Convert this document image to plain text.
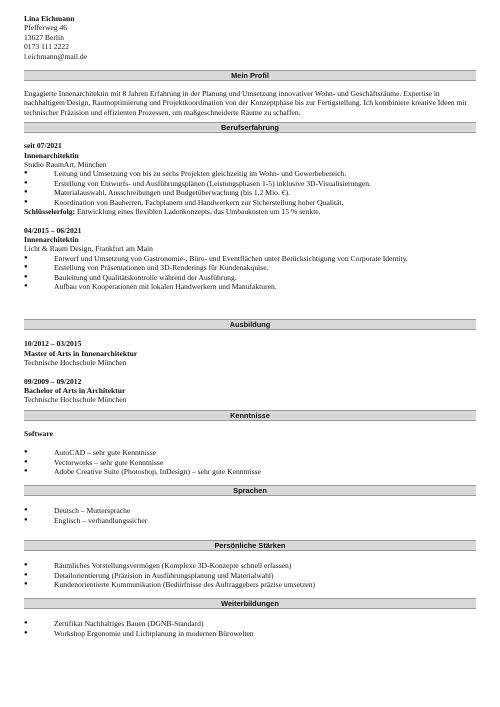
Lina Eichmann
Pfefferweg 46
13627 Berlin
0173 111 2222
l.eichmann@mail.de
Mein Profil
Engagierte Innenarchitektin mit 8 Jahren Erfahrung in der Planung und Umsetzung innovativer Wohn- und Geschäftsräume. Expertise in nachhaltigem Design, Raumoptimierung und Projektkoordination von der Konzeptphase bis zur Fertigstellung. Ich kombiniere kreative Ideen mit technischer Präzision und effizienten Prozessen, um maßgeschneiderte Räume zu schaffen.
Berufserfahrung
seit 07/2021
Innenarchitektin
Studio RaumArt, München
● Leitung und Umsetzung von bis zu sechs Projekten gleichzeitig im Wohn- und Gewerbebereich.
● Erstellung von Entwurfs- und Ausführungsplänen (Leistungsphasen 1-5) inklusive 3D-Visualisierungen.
● Materialauswahl, Ausschreibungen und Budgetüberwachung (bis 1,2 Mio. €).
● Koordination von Bauherren, Fachplanern und Handwerkern zur Sicherstellung hoher Qualität.
Schlüsselerfolg: Entwicklung eines flexiblen Ladenkonzepts, das Umbaukosten um 15 % senkte.
04/2015 – 06/2021
Innenarchitektin
Licht & Raum Design, Frankfurt am Main
● Entwurf und Umsetzung von Gastronomie-, Büro- und Eventflächen unter Berücksichtigung von Corporate Identity.
● Erstellung von Präsentationen und 3D-Renderings für Kundenakquise.
● Bauleitung und Qualitätskontrolle während der Ausführung.
● Aufbau von Kooperationen mit lokalen Handwerkern und Manufakturen.
Ausbildung
10/2012 – 03/2015
Master of Arts in Innenarchitektur
Technische Hochschule München
09/2009 – 09/2012
Bachelor of Arts in Architektur
Technische Hochschule München
Kenntnisse
Software
● AutoCAD – sehr gute Kenntnisse
● Vectorworks – sehr gute Kenntnisse
● Adobe Creative Suite (Photoshop, InDesign) – sehr gute Kenntnisse
Sprachen
● Deutsch – Muttersprache
● Englisch – verhandlungssicher
Persönliche Stärken
● Räumliches Vorstellungsvermögen (Komplexe 3D-Konzepte schnell erfassen)
● Detailorientierung (Präzision in Ausführungsplanung und Materialwahl)
● Kundenorientierte Kommunikation (Bedürfnisse des Auftraggebers präzise umsetzen)
Weiterbildungen
● Zertifikat Nachhaltiges Bauen (DGNB-Standard)
● Workshop Ergonomie und Lichtplanung in modernen Bürowelten
